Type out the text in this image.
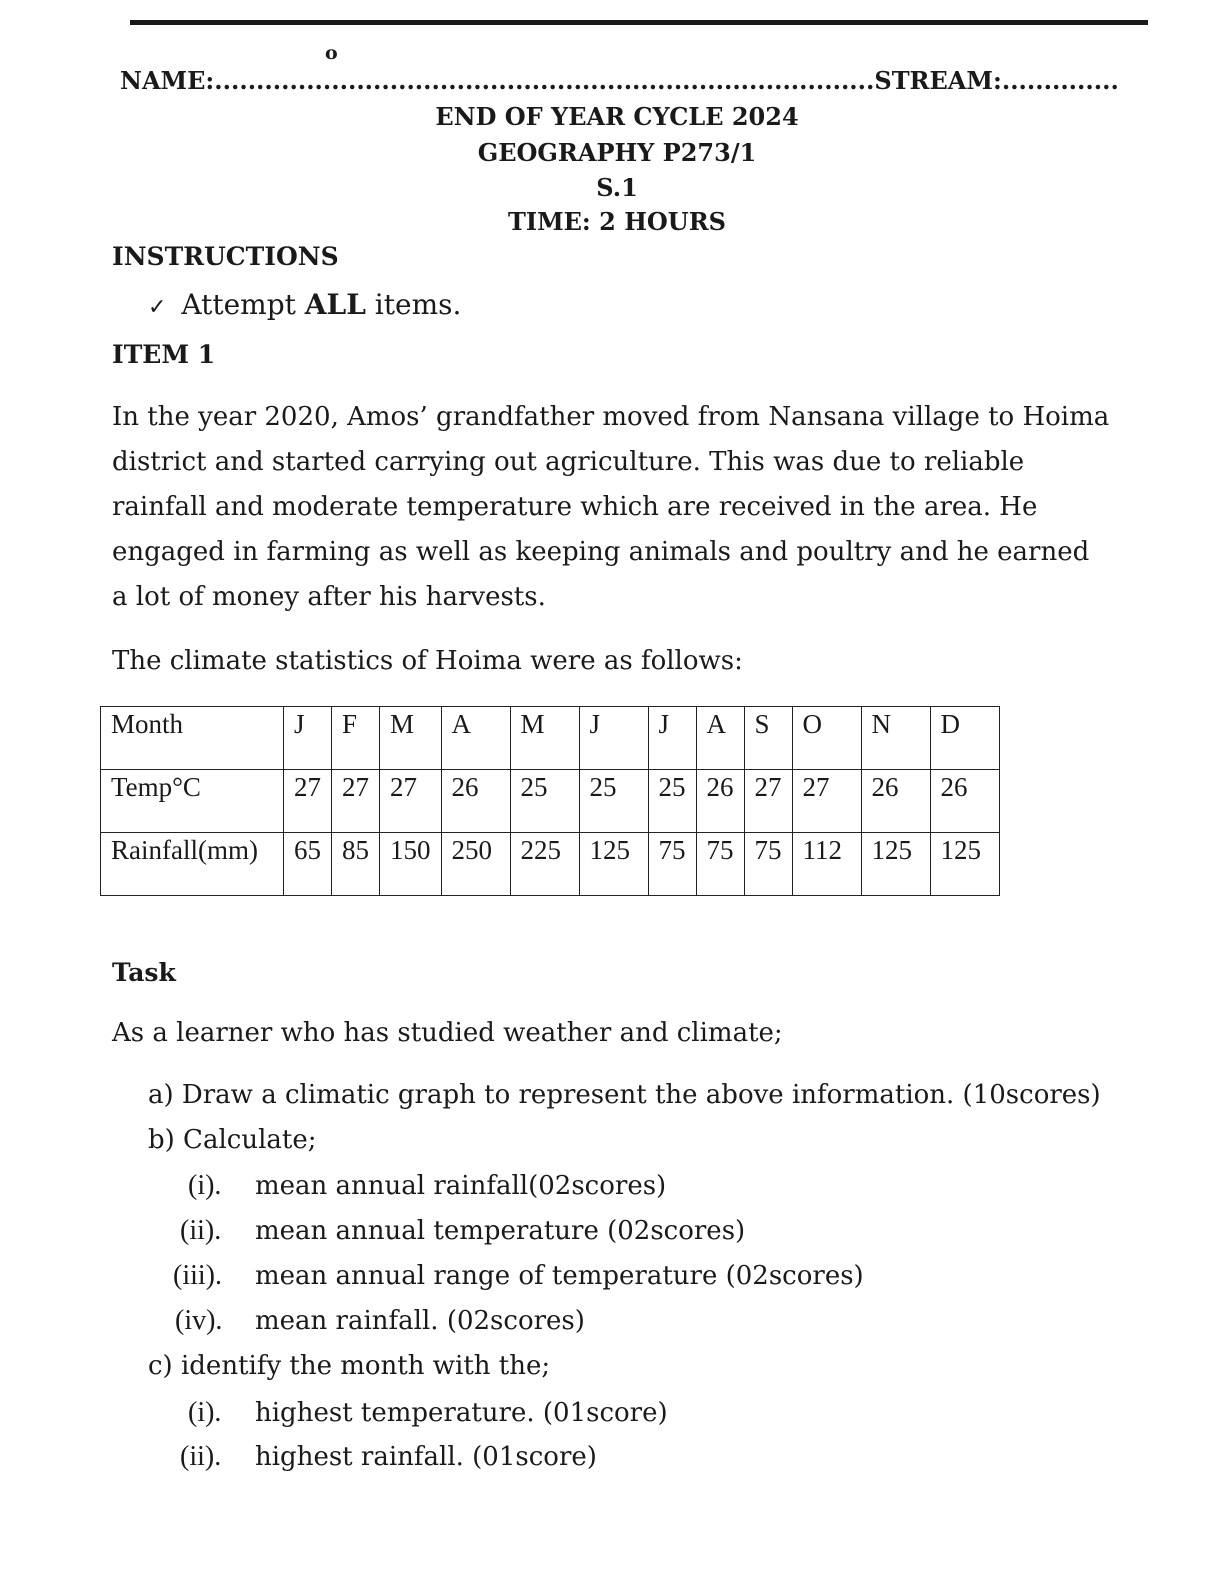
o
NAME:...............................................................................STREAM:..............
END OF YEAR CYCLE 2024
GEOGRAPHY P273/1
S.1
TIME: 2 HOURS
INSTRUCTIONS
✓ Attempt ALL items.
ITEM 1
In the year 2020, Amos’ grandfather moved from Nansana village to Hoima district and started carrying out agriculture. This was due to reliable rainfall and moderate temperature which are received in the area. He engaged in farming as well as keeping animals and poultry and he earned a lot of money after his harvests.
The climate statistics of Hoima were as follows:
Month	J	F	M	A	M	J	J	A	S	O	N	D
Temp°C	27	27	27	26	25	25	25	26	27	27	26	26
Rainfall(mm)	65	85	150	250	225	125	75	75	75	112	125	125
Task
As a learner who has studied weather and climate;
a) Draw a climatic graph to represent the above information. (10scores)
b) Calculate;
(i). mean annual rainfall(02scores)
(ii). mean annual temperature (02scores)
(iii). mean annual range of temperature (02scores)
(iv). mean rainfall. (02scores)
c) identify the month with the;
(i). highest temperature. (01score)
(ii). highest rainfall. (01score)
